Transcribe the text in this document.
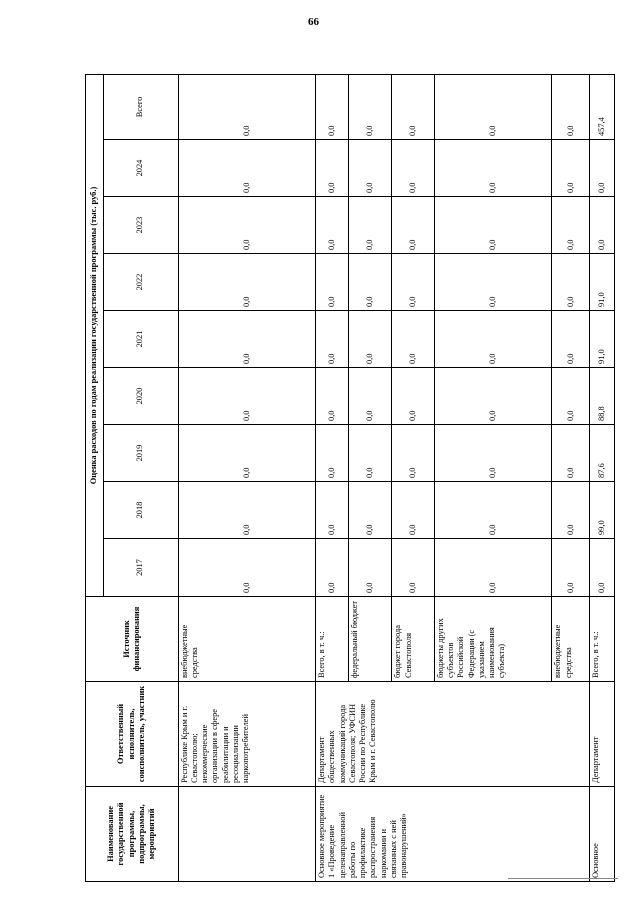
66
Наименование государственной программы, подпрограммы, мероприятий	Ответственный исполнитель, соисполнитель, участник	Источник финансирования	Оценка расходов по годам реализации государственной программы (тыс. руб.)								
			2017	2018	2019	2020	2021	2022	2023	2024	Всего
	Республике Крым и г. Севастополю; некоммерческие организации в сфере реабилитации и ресоциализации наркопотребителей	внебюджетные средства	0,0	0,0	0,0	0,0	0,0	0,0	0,0	0,0	0,0
Основное мероприятие 1 «Проведение целенаправленной работы по профилактике распространения наркомании и связанных с ней правонарушений»	Департамент общественных коммуникаций города Севастополя; УФСИН России по Республике Крым и г. Севастополю	Всего, в т. ч.:	0,0	0,0	0,0	0,0	0,0	0,0	0,0	0,0	0,0
		федеральный бюджет	0,0	0,0	0,0	0,0	0,0	0,0	0,0	0,0	0,0
		бюджет города Севастополя	0,0	0,0	0,0	0,0	0,0	0,0	0,0	0,0	0,0
		бюджеты других субъектов Российской Федерации (с указанием наименования субъекта)	0,0	0,0	0,0	0,0	0,0	0,0	0,0	0,0	0,0
		внебюджетные средства	0,0	0,0	0,0	0,0	0,0	0,0	0,0	0,0	0,0
Основное	Департамент	Всего, в т. ч.:	0,0	99,0	87,6	88,8	91,0	91,0	0,0	0,0	457,4
